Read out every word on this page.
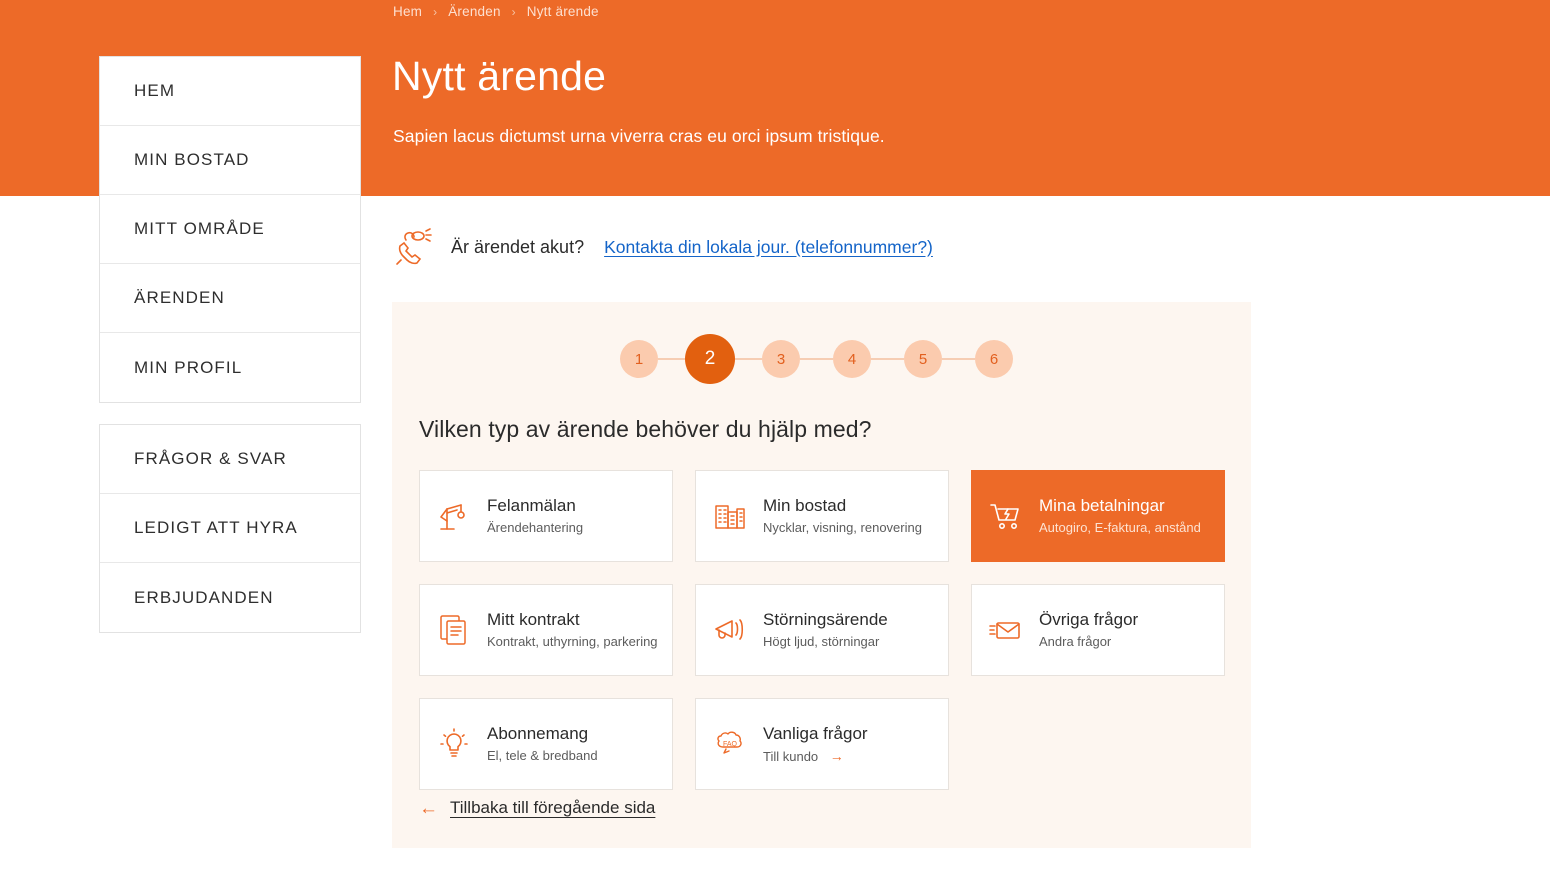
Hem › Ärenden › Nytt ärende
Nytt ärende
Sapien lacus dictumst urna viverra cras eu orci ipsum tristique.
HEM
MIN BOSTAD
MITT OMRÅDE
ÄRENDEN
MIN PROFIL
FRÅGOR & SVAR
LEDIGT ATT HYRA
ERBJUDANDEN
Är ärendet akut? Kontakta din lokala jour. (telefonnummer?)
1	2	3	4	5	6
Vilken typ av ärende behöver du hjälp med?
Felanmälan
Ärendehantering
Min bostad
Nycklar, visning, renovering
Mina betalningar
Autogiro, E-faktura, anstånd
Mitt kontrakt
Kontrakt, uthyrning, parkering
Störningsärende
Högt ljud, störningar
Övriga frågor
Andra frågor
Abonnemang
El, tele & bredband
FAQ
Vanliga frågor
Till kundo →
← Tillbaka till föregående sida
